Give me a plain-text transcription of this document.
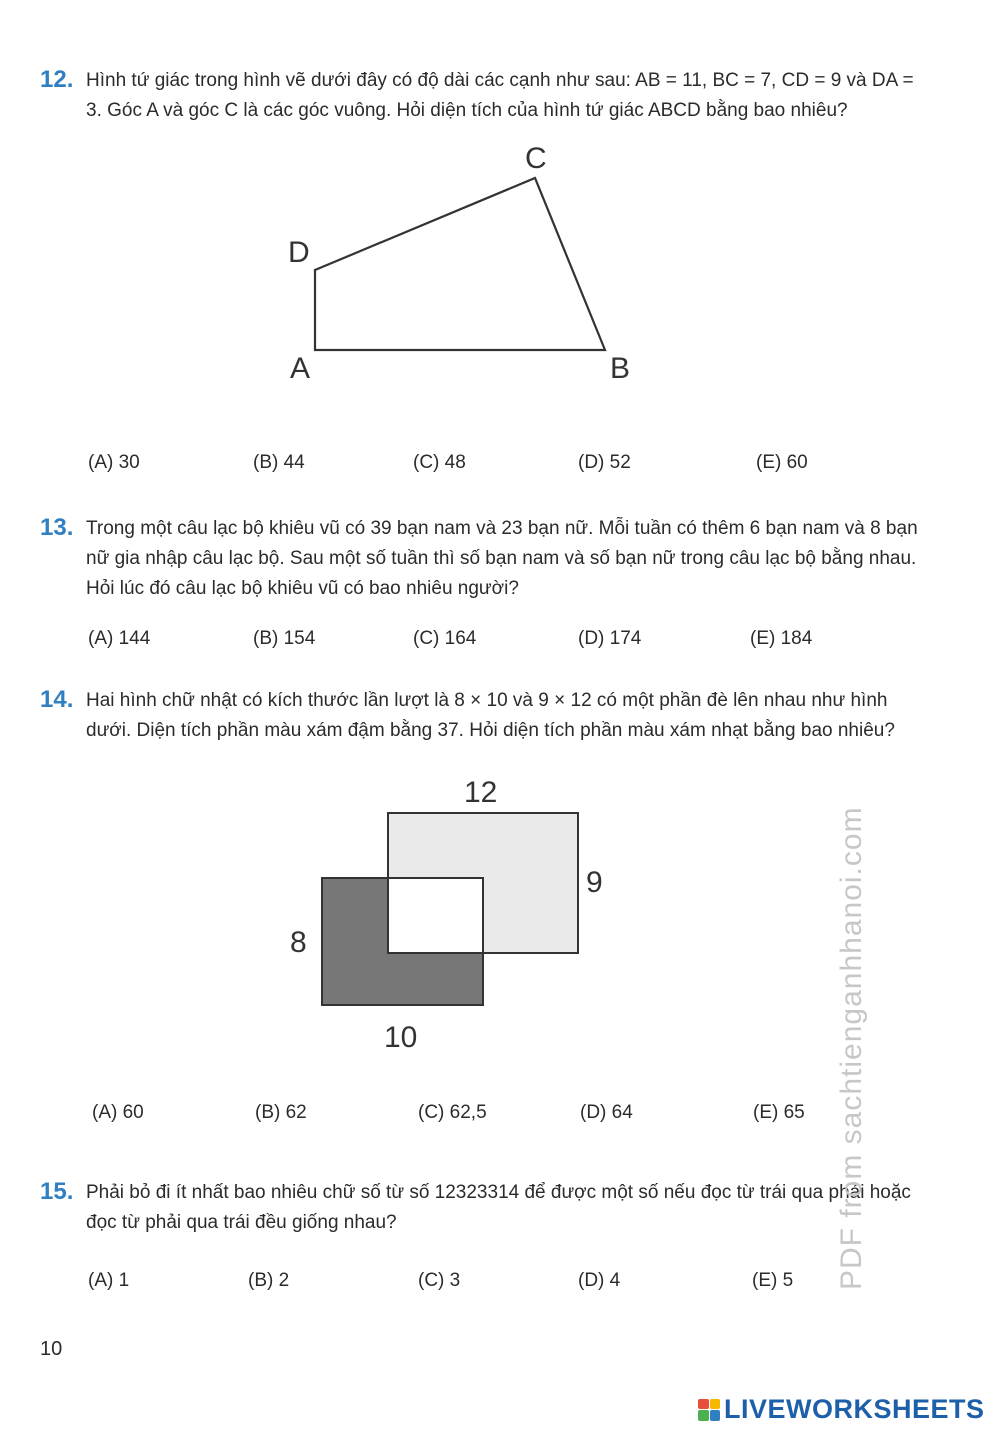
12. Hình tứ giác trong hình vẽ dưới đây có độ dài các cạnh như sau: AB = 11, BC = 7, CD = 9 và DA = 3. Góc A và góc C là các góc vuông. Hỏi diện tích của hình tứ giác ABCD bằng bao nhiêu?
D
C
A	B
(A) 30	(B) 44	(C) 48	(D) 52	(E) 60
13. Trong một câu lạc bộ khiêu vũ có 39 bạn nam và 23 bạn nữ. Mỗi tuần có thêm 6 bạn nam và 8 bạn nữ gia nhập câu lạc bộ. Sau một số tuần thì số bạn nam và số bạn nữ trong câu lạc bộ bằng nhau. Hỏi lúc đó câu lạc bộ khiêu vũ có bao nhiêu người?
(A) 144	(B) 154	(C) 164	(D) 174	(E) 184
14. Hai hình chữ nhật có kích thước lần lượt là 8 × 10 và 9 × 12 có một phần đè lên nhau như hình dưới. Diện tích phần màu xám đậm bằng 37. Hỏi diện tích phần màu xám nhạt bằng bao nhiêu?
12
9
8
10
(A) 60	(B) 62	(C) 62,5	(D) 64	(E) 65
15. Phải bỏ đi ít nhất bao nhiêu chữ số từ số 12323314 để được một số nếu đọc từ trái qua phải hoặc đọc từ phải qua trái đều giống nhau?
(A) 1	(B) 2	(C) 3	(D) 4	(E) 5 PDF from sachtienganhhanoi.com
10
LIVEWORKSHEETS
